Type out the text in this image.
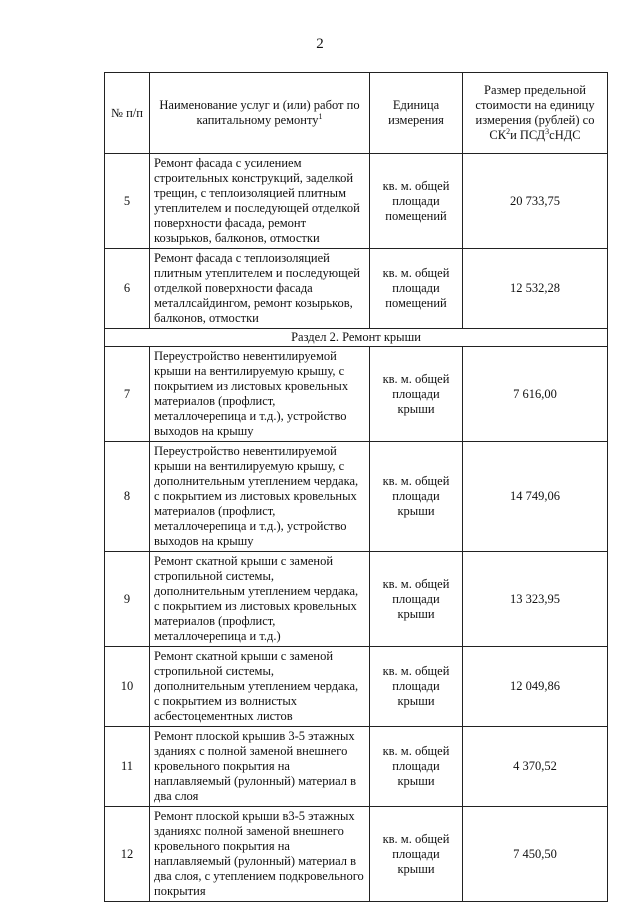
2
№ п/п	Наименование услуг и (или) работ по капитальному ремонту$^1$	Единица измерения	Размер предельной стоимости на единицу измерения (рублей) со $СК^2и$ ПСД$^3$сНДС
5	Ремонт фасада с усилением строительных конструкций, заделкой трещин, с теплоизоляцией плитным утеплителем и последующей отделкой поверхности фасада, ремонт козырьков, балконов, отмостки	кв. м. общей площади помещений	20 733,75
6	Ремонт фасада с теплоизоляцией плитным утеплителем и последующей отделкой поверхности фасада металлсайдингом, ремонт козырьков, балконов, отмостки	кв. м. общей площади помещений	12 532,28
Раздел 2. Ремонт крыши			
7	Переустройство невентилируемой крыши на вентилируемую крышу, с покрытием из листовых кровельных материалов (профлист, металлочерепица и т.д.), устройство выходов на крышу	кв. м. общей площади крыши	7 616,00
8	Переустройство невентилируемой крыши на вентилируемую крышу, с дополнительным утеплением чердака, с покрытием из листовых кровельных материалов (профлист, металлочерепица и т.д.), устройство выходов на крышу	кв. м. общей площади крыши	14 749,06
9	Ремонт скатной крыши с заменой стропильной системы, дополнительным утеплением чердака, с покрытием из листовых кровельных материалов (профлист, металлочерепица и т.д.)	кв. м. общей площади крыши	13 323,95
10	Ремонт скатной крыши с заменой стропильной системы, дополнительным утеплением чердака, с покрытием из волнистых асбестоцементных листов	кв. м. общей площади крыши	12 049,86
11	Ремонт плоской крышив 3-5 этажных зданиях с полной заменой внешнего кровельного покрытия на наплавляемый (рулонный) материал в два слоя	кв. м. общей площади крыши	4 370,52
12	Ремонт плоской крыши в3-5 этажных зданияхс полной заменой внешнего кровельного покрытия на наплавляемый (рулонный) материал в два слоя, с утеплением подкровельного покрытия	кв. м. общей площади крыши	7 450,50
